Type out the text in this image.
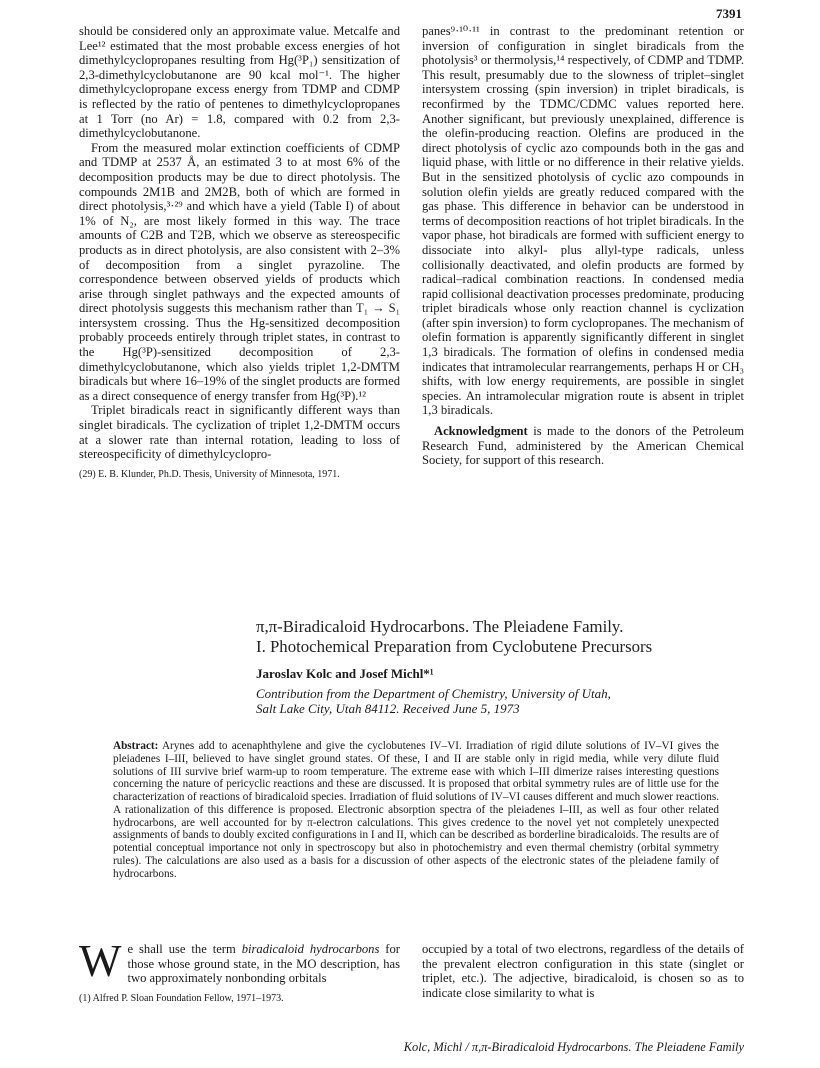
7391

should be considered only an approximate value. Metcalfe and Lee¹² estimated that the most probable excess energies of hot dimethylcyclopropanes resulting from Hg(³P₁) sensitization of 2,3-dimethylcyclobutanone are 90 kcal mol⁻¹. The higher dimethylcyclopropane excess energy from TDMP and CDMP is reflected by the ratio of pentenes to dimethylcyclopropanes at 1 Torr (no Ar) = 1.8, compared with 0.2 from 2,3-dimethylcyclobutanone.

From the measured molar extinction coefficients of CDMP and TDMP at 2537 Å, an estimated 3 to at most 6% of the decomposition products may be due to direct photolysis. The compounds 2M1B and 2M2B, both of which are formed in direct photolysis,³·²⁹ and which have a yield (Table I) of about 1% of N₂, are most likely formed in this way. The trace amounts of C2B and T2B, which we observe as stereospecific products as in direct photolysis, are also consistent with 2–3% of decomposition from a singlet pyrazoline. The correspondence between observed yields of products which arise through singlet pathways and the expected amounts of direct photolysis suggests this mechanism rather than T₁ → S₁ intersystem crossing. Thus the Hg-sensitized decomposition probably proceeds entirely through triplet states, in contrast to the Hg(³P)-sensitized decomposition of 2,3-dimethylcyclobutanone, which also yields triplet 1,2-DMTM biradicals but where 16–19% of the singlet products are formed as a direct consequence of energy transfer from Hg(³P).¹²

Triplet biradicals react in significantly different ways than singlet biradicals. The cyclization of triplet 1,2-DMTM occurs at a slower rate than internal rotation, leading to loss of stereospecificity of dimethylcyclopro-

(29) E. B. Klunder, Ph.D. Thesis, University of Minnesota, 1971.

panes⁹·¹⁰·¹¹ in contrast to the predominant retention or inversion of configuration in singlet biradicals from the photolysis³ or thermolysis,¹⁴ respectively, of CDMP and TDMP. This result, presumably due to the slowness of triplet–singlet intersystem crossing (spin inversion) in triplet biradicals, is reconfirmed by the TDMC/CDMC values reported here. Another significant, but previously unexplained, difference is the olefin-producing reaction. Olefins are produced in the direct photolysis of cyclic azo compounds both in the gas and liquid phase, with little or no difference in their relative yields. But in the sensitized photolysis of cyclic azo compounds in solution olefin yields are greatly reduced compared with the gas phase. This difference in behavior can be understood in terms of decomposition reactions of hot triplet biradicals. In the vapor phase, hot biradicals are formed with sufficient energy to dissociate into alkyl- plus allyl-type radicals, unless collisionally deactivated, and olefin products are formed by radical–radical combination reactions. In condensed media rapid collisional deactivation processes predominate, producing triplet biradicals whose only reaction channel is cyclization (after spin inversion) to form cyclopropanes. The mechanism of olefin formation is apparently significantly different in singlet 1,3 biradicals. The formation of olefins in condensed media indicates that intramolecular rearrangements, perhaps H or CH₃ shifts, with low energy requirements, are possible in singlet species. An intramolecular migration route is absent in triplet 1,3 biradicals.

Acknowledgment is made to the donors of the Petroleum Research Fund, administered by the American Chemical Society, for support of this research.

π,π-Biradicaloid Hydrocarbons. The Pleiadene Family.
I. Photochemical Preparation from Cyclobutene Precursors
Jaroslav Kolc and Josef Michl*¹
Contribution from the Department of Chemistry, University of Utah,
Salt Lake City, Utah 84112. Received June 5, 1973
Abstract: Arynes add to acenaphthylene and give the cyclobutenes IV–VI. Irradiation of rigid dilute solutions of IV–VI gives the pleiadenes I–III, believed to have singlet ground states. Of these, I and II are stable only in rigid media, while very dilute fluid solutions of III survive brief warm-up to room temperature. The extreme ease with which I–III dimerize raises interesting questions concerning the nature of pericyclic reactions and these are discussed. It is proposed that orbital symmetry rules are of little use for the characterization of reactions of biradicaloid species. Irradiation of fluid solutions of IV–VI causes different and much slower reactions. A rationalization of this difference is proposed. Electronic absorption spectra of the pleiadenes I–III, as well as four other related hydrocarbons, are well accounted for by π-electron calculations. This gives credence to the novel yet not completely unexpected assignments of bands to doubly excited configurations in I and II, which can be described as borderline biradicaloids. The results are of potential conceptual importance not only in spectroscopy but also in photochemistry and even thermal chemistry (orbital symmetry rules). The calculations are also used as a basis for a discussion of other aspects of the electronic states of the pleiadene family of hydrocarbons.

We shall use the term biradicaloid hydrocarbons for those whose ground state, in the MO description, has two approximately nonbonding orbitals

(1) Alfred P. Sloan Foundation Fellow, 1971–1973.

occupied by a total of two electrons, regardless of the details of the prevalent electron configuration in this state (singlet or triplet, etc.). The adjective, biradicaloid, is chosen so as to indicate close similarity to what is

Kolc, Michl / π,π-Biradicaloid Hydrocarbons. The Pleiadene Family
